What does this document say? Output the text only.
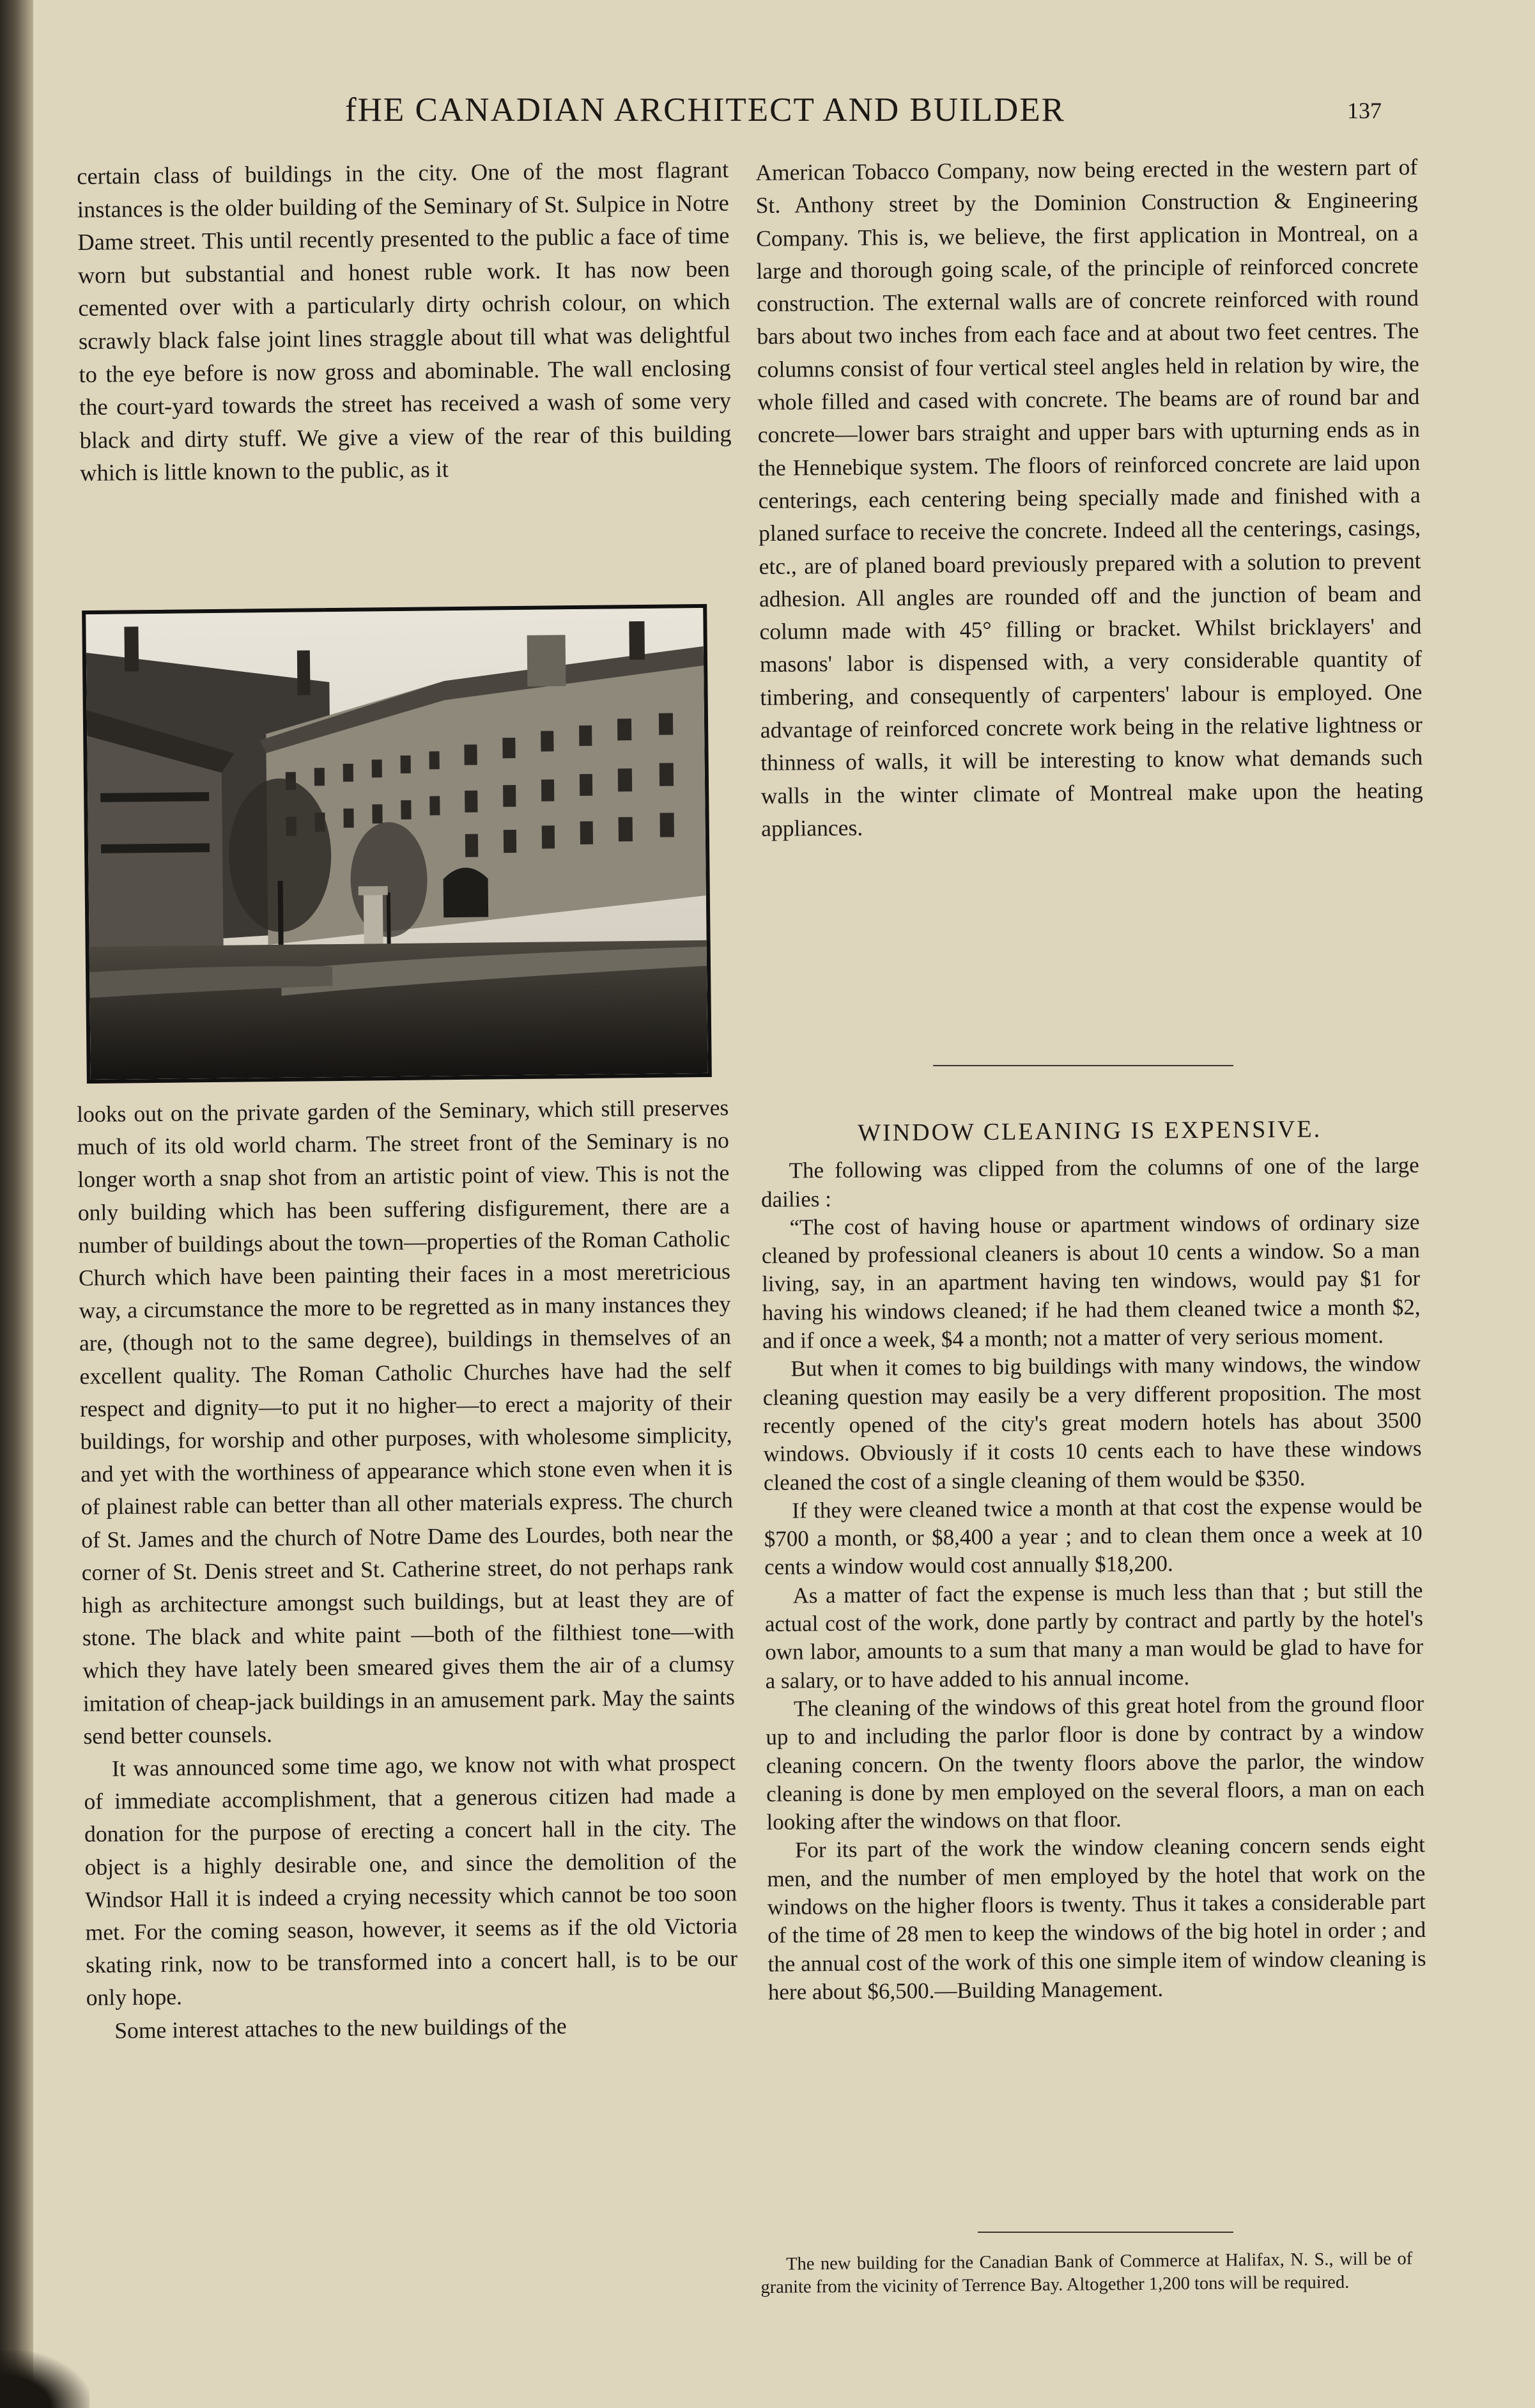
fHE CANADIAN ARCHITECT AND BUILDER	137

certain class of buildings in the city. One of the most flagrant instances is the older building of the Seminary of St. Sulpice in Notre Dame street. This until recently presented to the public a face of time worn but substantial and honest ruble work. It has now been cemented over with a particularly dirty ochrish colour, on which scrawly black false joint lines straggle about till what was delightful to the eye before is now gross and abominable. The wall enclosing the court-yard towards the street has received a wash of some very black and dirty stuff. We give a view of the rear of this building which is little known to the public, as it

looks out on the private garden of the Seminary, which still preserves much of its old world charm. The street front of the Seminary is no longer worth a snap shot from an artistic point of view. This is not the only building which has been suffering disfigurement, there are a number of buildings about the town—properties of the Roman Catholic Church which have been painting their faces in a most meretricious way, a circumstance the more to be regretted as in many instances they are, (though not to the same degree), buildings in themselves of an excellent quality. The Roman Catholic Churches have had the self respect and dignity—to put it no higher—to erect a majority of their buildings, for worship and other purposes, with wholesome simplicity, and yet with the worthiness of appearance which stone even when it is of plainest rable can better than all other materials express. The church of St. James and the church of Notre Dame des Lourdes, both near the corner of St. Denis street and St. Catherine street, do not perhaps rank high as architecture amongst such buildings, but at least they are of stone. The black and white paint —both of the filthiest tone—with which they have lately been smeared gives them the air of a clumsy imitation of cheap-jack buildings in an amusement park. May the saints send better counsels.

It was announced some time ago, we know not with what prospect of immediate accomplishment, that a generous citizen had made a donation for the purpose of erecting a concert hall in the city. The object is a highly desirable one, and since the demolition of the Windsor Hall it is indeed a crying necessity which cannot be too soon met. For the coming season, however, it seems as if the old Victoria skating rink, now to be transformed into a concert hall, is to be our only hope.

Some interest attaches to the new buildings of the

American Tobacco Company, now being erected in the western part of St. Anthony street by the Dominion Construction & Engineering Company. This is, we believe, the first application in Montreal, on a large and thorough going scale, of the principle of reinforced concrete construction. The external walls are of concrete reinforced with round bars about two inches from each face and at about two feet centres. The columns consist of four vertical steel angles held in relation by wire, the whole filled and cased with concrete. The beams are of round bar and concrete—lower bars straight and upper bars with upturning ends as in the Hennebique system. The floors of reinforced concrete are laid upon centerings, each centering being specially made and finished with a planed surface to receive the concrete. Indeed all the centerings, casings, etc., are of planed board previously prepared with a solution to prevent adhesion. All angles are rounded off and the junction of beam and column made with 45° filling or bracket. Whilst bricklayers' and masons' labor is dispensed with, a very considerable quantity of timbering, and consequently of carpenters' labour is employed. One advantage of reinforced concrete work being in the relative lightness or thinness of walls, it will be interesting to know what demands such walls in the winter climate of Montreal make upon the heating appliances.

WINDOW CLEANING IS EXPENSIVE.

The following was clipped from the columns of one of the large dailies :

“The cost of having house or apartment windows of ordinary size cleaned by professional cleaners is about 10 cents a window. So a man living, say, in an apartment having ten windows, would pay $1 for having his windows cleaned; if he had them cleaned twice a month $2, and if once a week, $4 a month; not a matter of very serious moment.

But when it comes to big buildings with many windows, the window cleaning question may easily be a very different proposition. The most recently opened of the city's great modern hotels has about 3500 windows. Obviously if it costs 10 cents each to have these windows cleaned the cost of a single cleaning of them would be $350.

If they were cleaned twice a month at that cost the expense would be $700 a month, or $8,400 a year ; and to clean them once a week at 10 cents a window would cost annually $18,200.

As a matter of fact the expense is much less than that ; but still the actual cost of the work, done partly by contract and partly by the hotel's own labor, amounts to a sum that many a man would be glad to have for a salary, or to have added to his annual income.

The cleaning of the windows of this great hotel from the ground floor up to and including the parlor floor is done by contract by a window cleaning concern. On the twenty floors above the parlor, the window cleaning is done by men employed on the several floors, a man on each looking after the windows on that floor.

For its part of the work the window cleaning concern sends eight men, and the number of men employed by the hotel that work on the windows on the higher floors is twenty. Thus it takes a considerable part of the time of 28 men to keep the windows of the big hotel in order ; and the annual cost of the work of this one simple item of window cleaning is here about $6,500.—Building Management.

The new building for the Canadian Bank of Commerce at Halifax, N. S., will be of granite from the vicinity of Terrence Bay. Altogether 1,200 tons will be required.
